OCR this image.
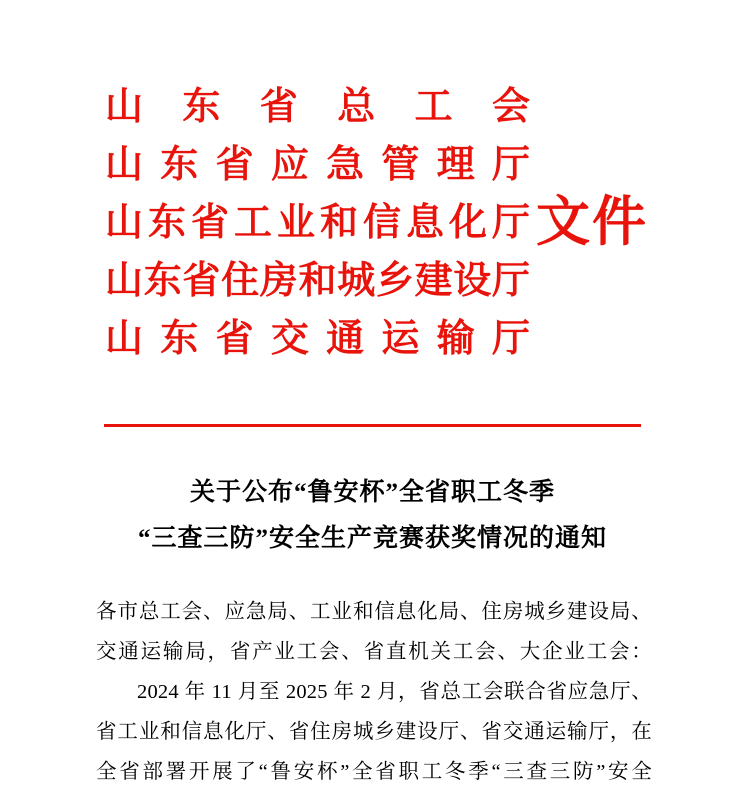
山 东 省 总 工 会
山东省应急管理厅
山东省工业和信息化厅
山东省住房和城乡建设厅
山东省交通运输厅
文件
关于公布“鲁安杯”全省职工冬季
“三查三防”安全生产竞赛获奖情况的通知

各市总工会、应急局、工业和信息化局、住房城乡建设局、

交通运输局，省产业工会、省直机关工会、大企业工会：

2024 年 11 月至 2025 年 2 月，省总工会联合省应急厅、

省工业和信息化厅、省住房城乡建设厅、省交通运输厅，在

全省部署开展了“鲁安杯”全省职工冬季“三查三防”安全
